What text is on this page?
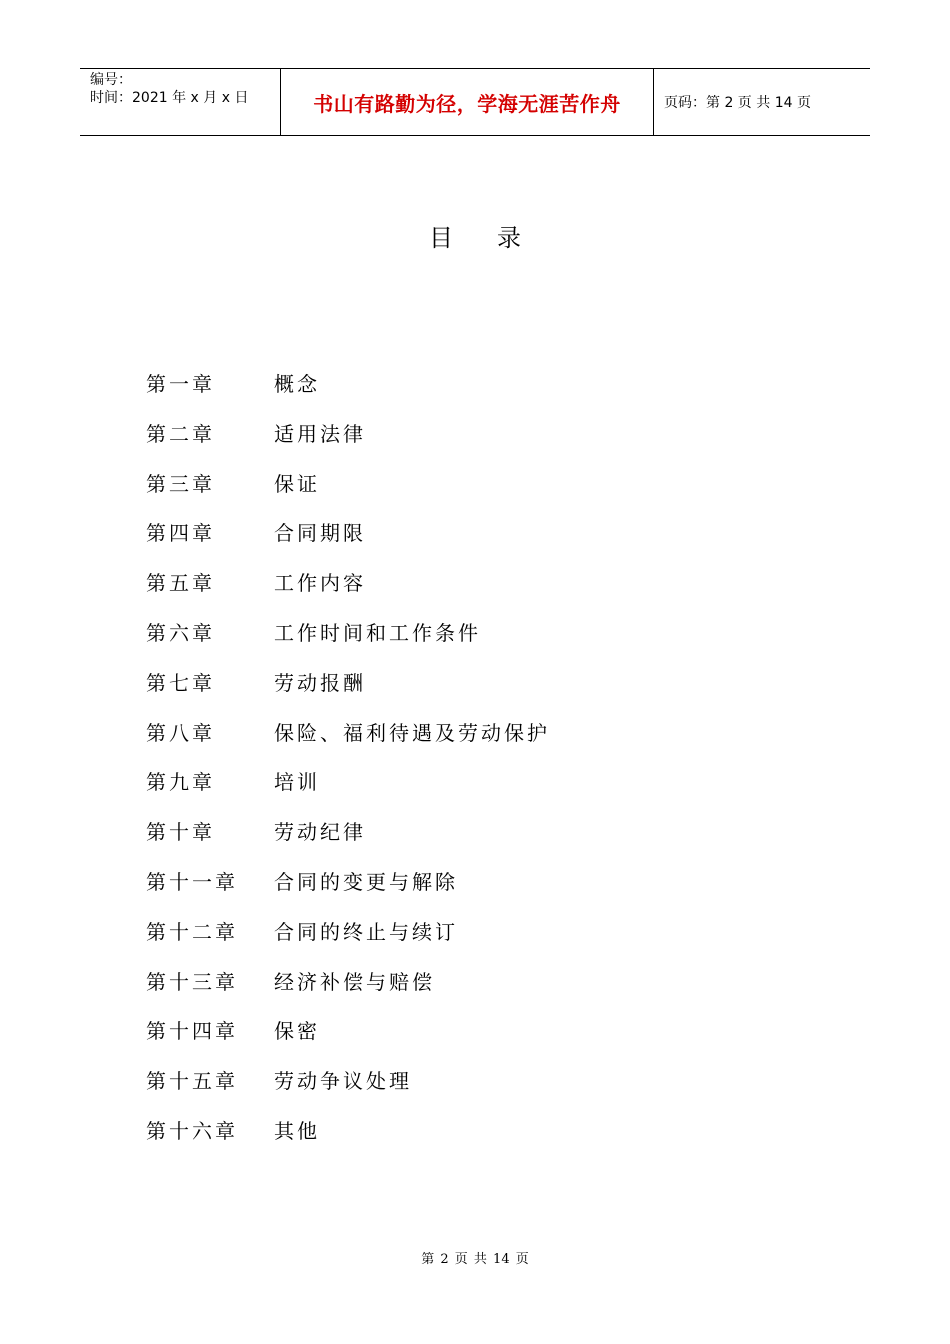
编号：
时间：2021 年 x 月 x 日	书山有路勤为径，学海无涯苦作舟	页码：第 2 页 共 14 页
目录
第一章	概念
第二章	适用法律
第三章	保证
第四章	合同期限
第五章	工作内容
第六章	工作时间和工作条件
第七章	劳动报酬
第八章	保险、福利待遇及劳动保护
第九章	培训
第十章	劳动纪律
第十一章	合同的变更与解除
第十二章	合同的终止与续订
第十三章	经济补偿与赔偿
第十四章	保密
第十五章	劳动争议处理
第十六章	其他
第 2 页 共 14 页
